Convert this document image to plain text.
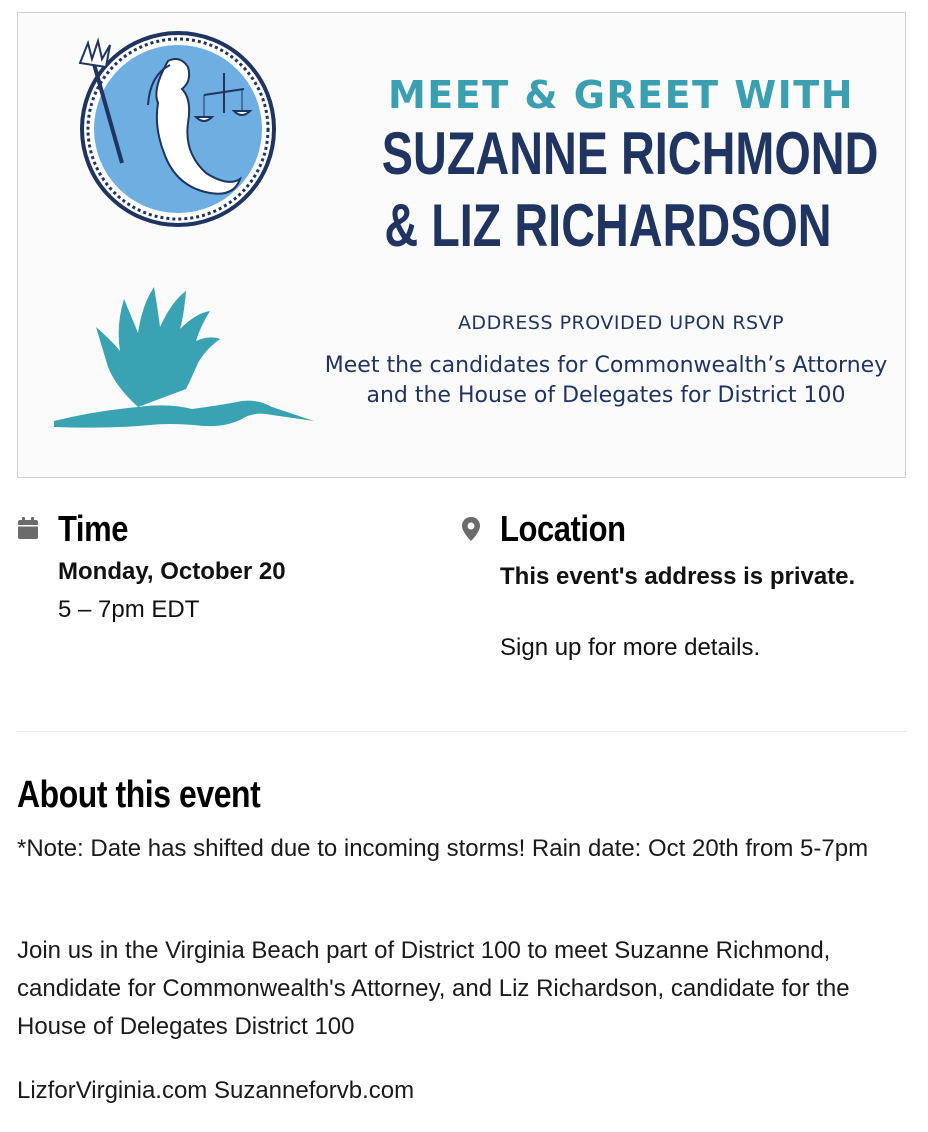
MEET & GREET WITH
SUZANNE RICHMOND
& LIZ RICHARDSON
ADDRESS PROVIDED UPON RSVP
Meet the candidates for Commonwealth’s Attorney
and the House of Delegates for District 100
Time
Monday, October 20
5 – 7pm EDT
Location
This event's address is private.
Sign up for more details.
About this event
*Note: Date has shifted due to incoming storms! Rain date: Oct 20th from 5-7pm
Join us in the Virginia Beach part of District 100 to meet Suzanne Richmond, candidate for Commonwealth's Attorney, and Liz Richardson, candidate for the House of Delegates District 100
LizforVirginia.com Suzanneforvb.com
